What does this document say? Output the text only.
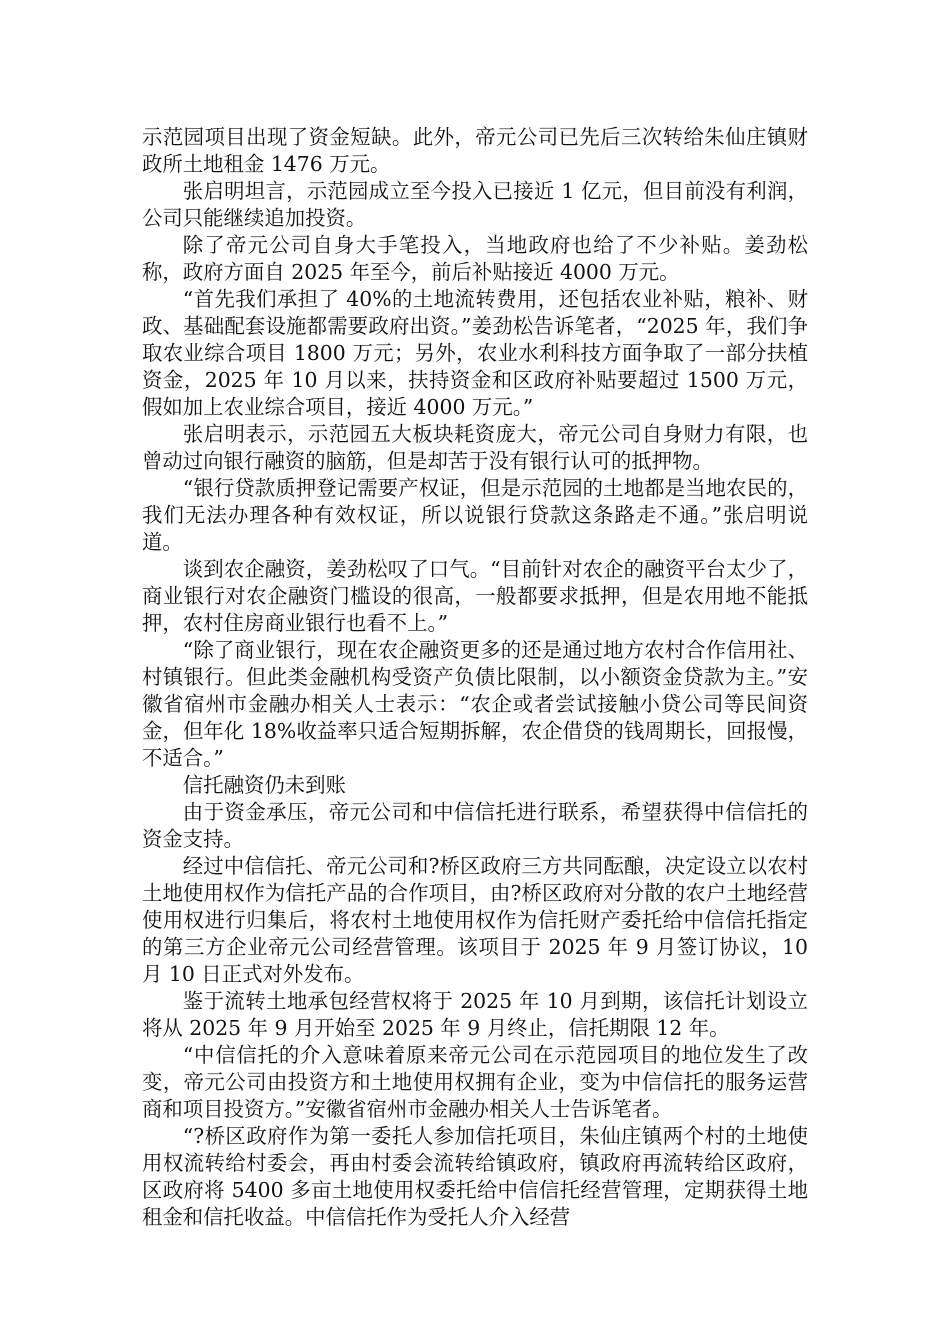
示范园项目出现了资金短缺。此外，帝元公司已先后三次转给朱仙庄镇财政所土地租金 1476 万元。

张启明坦言，示范园成立至今投入已接近 1 亿元，但目前没有利润，公司只能继续追加投资。

除了帝元公司自身大手笔投入，当地政府也给了不少补贴。姜劲松称，政府方面自 2025 年至今，前后补贴接近 4000 万元。

“首先我们承担了 40%的土地流转费用，还包括农业补贴，粮补、财政、基础配套设施都需要政府出资。”姜劲松告诉笔者，“2025 年，我们争取农业综合项目 1800 万元；另外，农业水利科技方面争取了一部分扶植资金，2025 年 10 月以来，扶持资金和区政府补贴要超过 1500 万元，假如加上农业综合项目，接近 4000 万元。”

张启明表示，示范园五大板块耗资庞大，帝元公司自身财力有限，也曾动过向银行融资的脑筋，但是却苦于没有银行认可的抵押物。

“银行贷款质押登记需要产权证，但是示范园的土地都是当地农民的，我们无法办理各种有效权证，所以说银行贷款这条路走不通。”张启明说道。

谈到农企融资，姜劲松叹了口气。“目前针对农企的融资平台太少了，商业银行对农企融资门槛设的很高，一般都要求抵押，但是农用地不能抵押，农村住房商业银行也看不上。”

“除了商业银行，现在农企融资更多的还是通过地方农村合作信用社、村镇银行。但此类金融机构受资产负债比限制，以小额资金贷款为主。”安徽省宿州市金融办相关人士表示：“农企或者尝试接触小贷公司等民间资金，但年化 18%收益率只适合短期拆解，农企借贷的钱周期长，回报慢，不适合。”

信托融资仍未到账

由于资金承压，帝元公司和中信信托进行联系，希望获得中信信托的资金支持。

经过中信信托、帝元公司和?桥区政府三方共同酝酿，决定设立以农村土地使用权作为信托产品的合作项目，由?桥区政府对分散的农户土地经营使用权进行归集后，将农村土地使用权作为信托财产委托给中信信托指定的第三方企业帝元公司经营管理。该项目于 2025 年 9 月签订协议，10 月 10 日正式对外发布。

鉴于流转土地承包经营权将于 2025 年 10 月到期，该信托计划设立将从 2025 年 9 月开始至 2025 年 9 月终止，信托期限 12 年。

“中信信托的介入意味着原来帝元公司在示范园项目的地位发生了改变，帝元公司由投资方和土地使用权拥有企业，变为中信信托的服务运营商和项目投资方。”安徽省宿州市金融办相关人士告诉笔者。

“?桥区政府作为第一委托人参加信托项目，朱仙庄镇两个村的土地使用权流转给村委会，再由村委会流转给镇政府，镇政府再流转给区政府，区政府将 5400 多亩土地使用权委托给中信信托经营管理，定期获得土地租金和信托收益。中信信托作为受托人介入经营
